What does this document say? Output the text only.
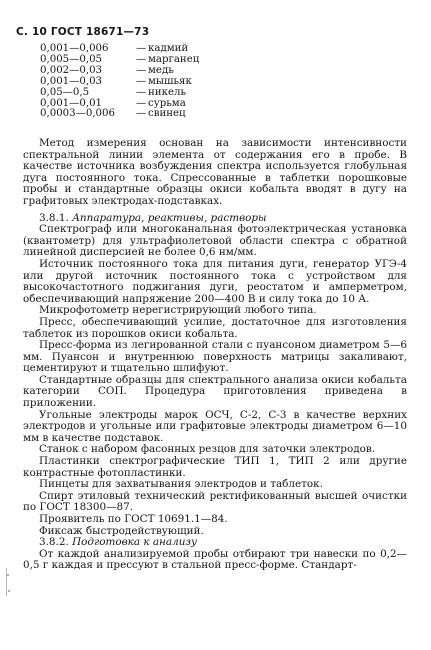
С. 10 ГОСТ 18671—73
0,001—0,006	— кадмий
0,005—0,05	— марганец
0,002—0,03	— медь
0,001—0,03	— мышьяк
0,05—0,5	— никель
0,001—0,01	— сурьма
0,0003—0,006	— свинец

Метод измерения основан на зависимости интенсивности спектральной линии элемента от содержания его в пробе. В качестве источника возбуждения спектра используется глобульная дуга постоянного тока. Спрессованные в таблетки порошковые пробы и стандартные образцы окиси кобальта вводят в дугу на графитовых электродах-подставках.

3.8.1. Аппаратура, реактивы, растворы

Спектрограф или многоканальная фотоэлектрическая установка (квантометр) для ультрафиолетовой области спектра с обратной линейной дисперсией не более 0,6 нм/мм.

Источник постоянного тока для питания дуги, генератор УГЭ-4 или другой источник постоянного тока с устройством для высокочастотного поджигания дуги, реостатом и амперметром, обеспечивающий напряжение 200—400 В и силу тока до 10 А.

Микрофотометр нерегистрирующий любого типа.

Пресс, обеспечивающий усилие, достаточное для изготовления таблеток из порошков окиси кобальта.

Пресс-форма из легированной стали с пуансоном диаметром 5—6 мм. Пуансон и внутреннюю поверхность матрицы закаливают, цементируют и тщательно шлифуют.

Стандартные образцы для спектрального анализа окиси кобальта категории СОП. Процедура приготовления приведена в приложении.

Угольные электроды марок ОСЧ, С-2, С-3 в качестве верхних электродов и угольные или графитовые электроды диаметром 6—10 мм в качестве подставок.

Станок с набором фасонных резцов для заточки электродов.

Пластинки спектрографические ТИП 1, ТИП 2 или другие контрастные фотопластинки.

Пинцеты для захватывания электродов и таблеток.

Спирт этиловый технический ректификованный высшей очистки по ГОСТ 18300—87.

Проявитель по ГОСТ 10691.1—84.

Фиксаж быстродействующий.

3.8.2. Подготовка к анализу

От каждой анализируемой пробы отбирают три навески по 0,2—0,5 г каждая и прессуют в стальной пресс-форме. Стандарт-
